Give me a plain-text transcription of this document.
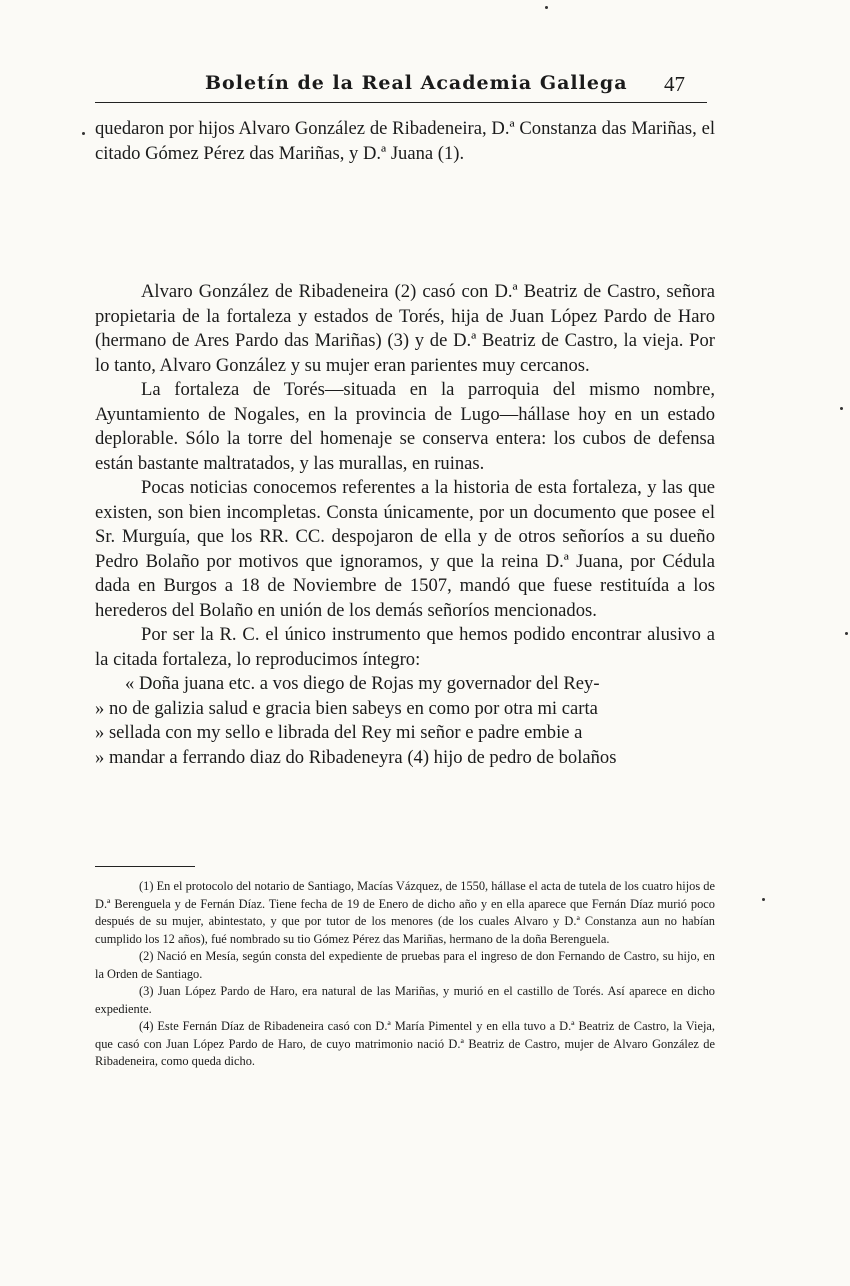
Boletín de la Real Academia Gallega 47

quedaron por hijos Alvaro González de Ribadeneira, D.ª Constanza das Mariñas, el citado Gómez Pérez das Mariñas, y D.ª Juana (1).

Alvaro González de Ribadeneira (2) casó con D.ª Beatriz de Castro, señora propietaria de la fortaleza y estados de Torés, hija de Juan López Pardo de Haro (hermano de Ares Pardo das Mariñas) (3) y de D.ª Beatriz de Castro, la vieja. Por lo tanto, Alvaro González y su mujer eran parientes muy cercanos.

La fortaleza de Torés—situada en la parroquia del mismo nombre, Ayuntamiento de Nogales, en la provincia de Lugo—hállase hoy en un estado deplorable. Sólo la torre del homenaje se conserva entera: los cubos de defensa están bastante maltratados, y las murallas, en ruinas.

Pocas noticias conocemos referentes a la historia de esta fortaleza, y las que existen, son bien incompletas. Consta únicamente, por un documento que posee el Sr. Murguía, que los RR. CC. despojaron de ella y de otros señoríos a su dueño Pedro Bolaño por motivos que ignoramos, y que la reina D.ª Juana, por Cédula dada en Burgos a 18 de Noviembre de 1507, mandó que fuese restituída a los herederos del Bolaño en unión de los demás señoríos mencionados.

Por ser la R. C. el único instrumento que hemos podido encontrar alusivo a la citada fortaleza, lo reproducimos íntegro:

« Doña juana etc. a vos diego de Rojas my governador del Rey-
» no de galizia salud e gracia bien sabeys en como por otra mi carta
» sellada con my sello e librada del Rey mi señor e padre embie a
» mandar a ferrando diaz do Ribadeneyra (4) hijo de pedro de bolaños

(1) En el protocolo del notario de Santiago, Macías Vázquez, de 1550, hállase el acta de tutela de los cuatro hijos de D.ª Berenguela y de Fernán Díaz. Tiene fecha de 19 de Enero de dicho año y en ella aparece que Fernán Díaz murió poco después de su mujer, abintestato, y que por tutor de los menores (de los cuales Alvaro y D.ª Constanza aun no habían cumplido los 12 años), fué nombrado su tio Gómez Pérez das Mariñas, hermano de la doña Berenguela.

(2) Nació en Mesía, según consta del expediente de pruebas para el ingreso de don Fernando de Castro, su hijo, en la Orden de Santiago.

(3) Juan López Pardo de Haro, era natural de las Mariñas, y murió en el castillo de Torés. Así aparece en dicho expediente.

(4) Este Fernán Díaz de Ribadeneira casó con D.ª María Pimentel y en ella tuvo a D.ª Beatriz de Castro, la Vieja, que casó con Juan López Pardo de Haro, de cuyo matrimonio nació D.ª Beatriz de Castro, mujer de Alvaro González de Ribadeneira, como queda dicho.
